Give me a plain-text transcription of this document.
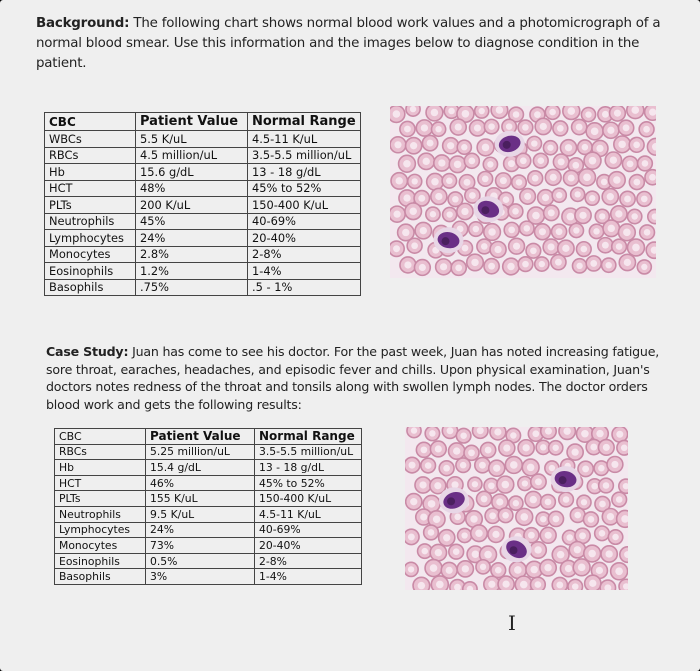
Background: The following chart shows normal blood work values and a photomicrograph of a normal blood smear. Use this information and the images below to diagnose condition in the patient.
CBC	Patient Value	Normal Range
WBCs	5.5 K/uL	4.5-11 K/uL
RBCs	4.5 million/uL	3.5-5.5 million/uL
Hb	15.6 g/dL	13 - 18 g/dL
HCT	48%	45% to 52%
PLTs	200 K/uL	150-400 K/uL
Neutrophils	45%	40-69%
Lymphocytes	24%	20-40%
Monocytes	2.8%	2-8%
Eosinophils	1.2%	1-4%
Basophils	.75%	.5 - 1%
Case Study: Juan has come to see his doctor. For the past week, Juan has noted increasing fatigue, sore throat, earaches, headaches, and episodic fever and chills. Upon physical examination, Juan's doctors notes redness of the throat and tonsils along with swollen lymph nodes. The doctor orders blood work and gets the following results:
CBC	Patient Value	Normal Range
RBCs	5.25 million/uL	3.5-5.5 million/uL
Hb	15.4 g/dL	13 - 18 g/dL
HCT	46%	45% to 52%
PLTs	155 K/uL	150-400 K/uL
Neutrophils	9.5 K/uL	4.5-11 K/uL
Lymphocytes	24%	40-69%
Monocytes	73%	20-40%
Eosinophils	0.5%	2-8%
Basophils	3%	1-4%
I
